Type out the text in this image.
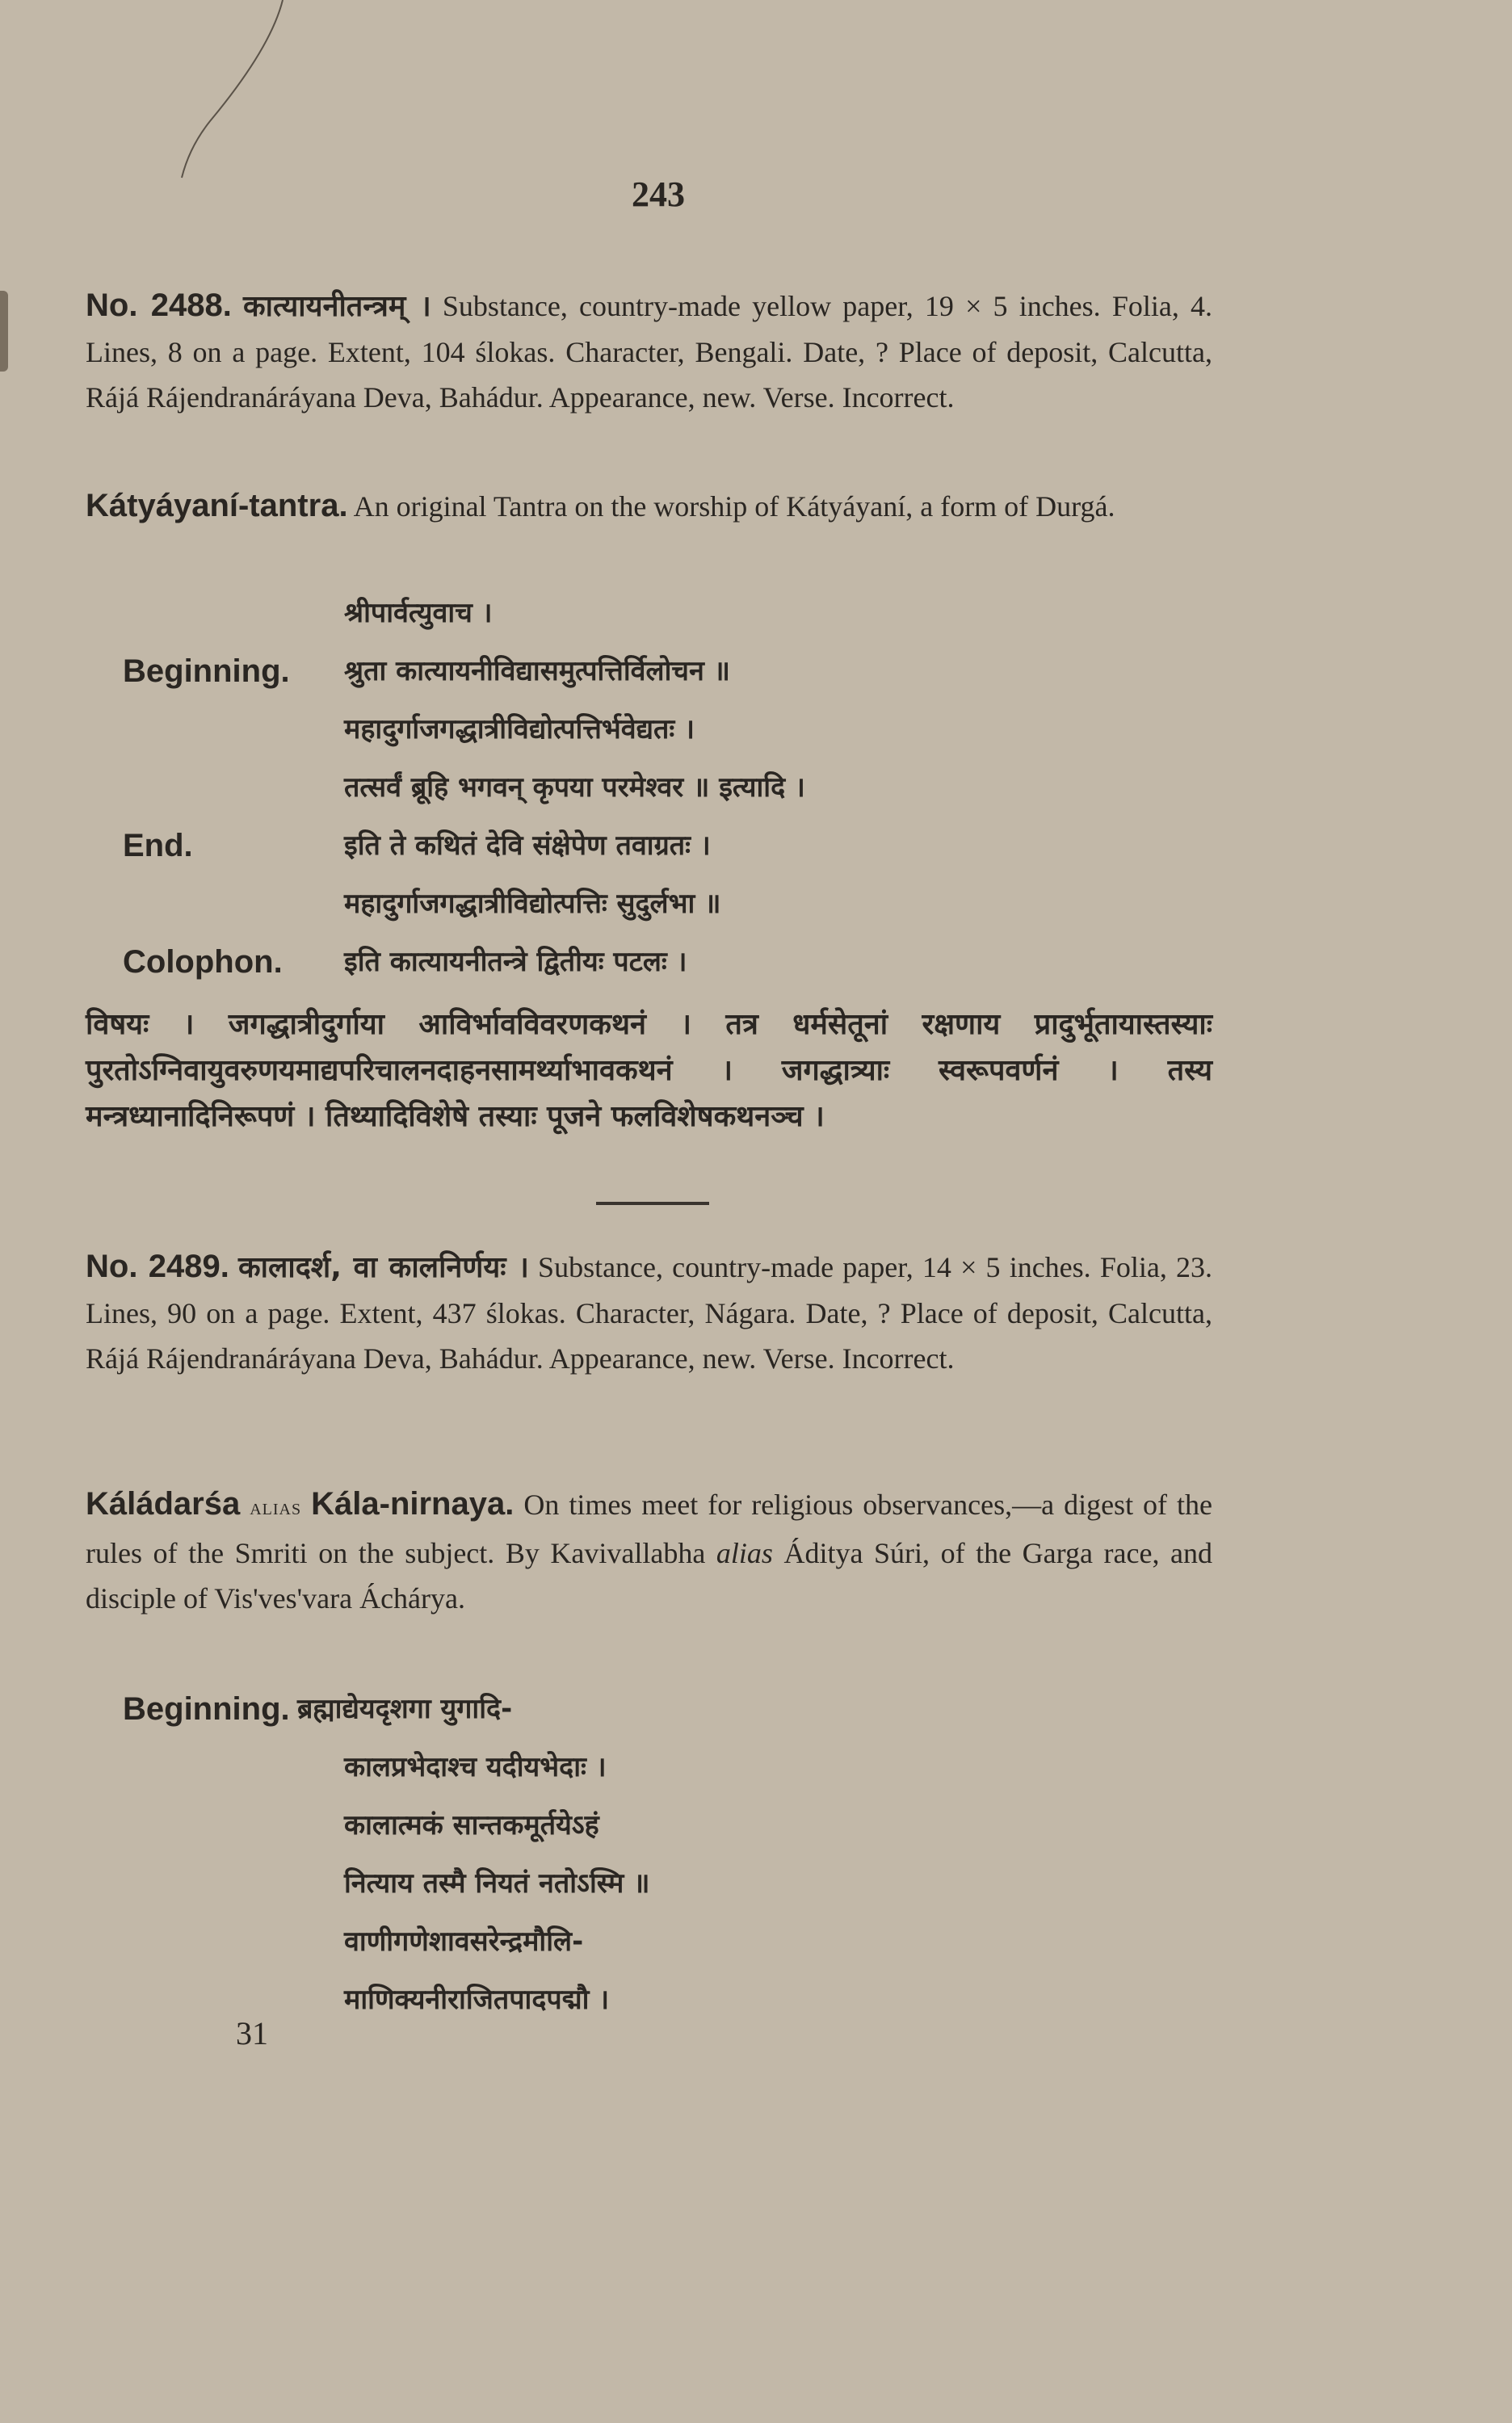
243

No. 2488. कात्यायनीतन्त्रम् । Substance, country-made yellow paper, 19 × 5 inches. Folia, 4. Lines, 8 on a page. Extent, 104 ślokas. Character, Bengali. Date, ? Place of deposit, Calcutta, Rájá Rájendranáráyana Deva, Bahádur. Appearance, new. Verse. Incorrect.

Kátyáyaní-tantra. An original Tantra on the worship of Kátyáyaní, a form of Durgá.

श्रीपार्वत्युवाच ।
Beginning. श्रुता कात्यायनीविद्यासमुत्पत्तिर्विलोचन ॥
महादुर्गाजगद्धात्रीविद्योत्पत्तिर्भवेद्यतः ।
तत्सर्वं ब्रूहि भगवन् कृपया परमेश्वर ॥ इत्यादि ।
End.	इति ते कथितं देवि संक्षेपेण तवाग्रतः ।
महादुर्गाजगद्धात्रीविद्योत्पत्तिः सुदुर्लभा ॥
Colophon. इति कात्यायनीतन्त्रे द्वितीयः पटलः ।

विषयः । जगद्धात्रीदुर्गाया आविर्भावविवरणकथनं । तत्र धर्मसेतूनां रक्षणाय प्रादुर्भूतायास्तस्याः पुरतोऽग्निवायुवरुणयमाद्यपरिचालनदाहनसामर्थ्याभावकथनं । जगद्धात्र्याः स्वरूपवर्णनं । तस्य मन्त्रध्यानादिनिरूपणं । तिथ्यादिविशेषे तस्याः पूजने फलविशेषकथनञ्च ।

No. 2489. कालादर्श, वा कालनिर्णयः । Substance, country-made paper, 14 × 5 inches. Folia, 23. Lines, 90 on a page. Extent, 437 ślokas. Character, Nágara. Date, ? Place of deposit, Calcutta, Rájá Rájendranáráyana Deva, Bahádur. Appearance, new. Verse. Incorrect.

Káládarśa alias Kála-nirnaya. On times meet for religious observances,—a digest of the rules of the Smriti on the subject. By Kavivallabha alias Áditya Súri, of the Garga race, and disciple of Vis'ves'vara Áchárya.

Beginning. ब्रह्माद्येयदृशगा युगादि-
कालप्रभेदाश्च यदीयभेदाः ।
कालात्मकं सान्तकमूर्तयेऽहं
नित्याय तस्मै नियतं नतोऽस्मि ॥
वाणीगणेशावसरेन्द्रमौलि-
माणिक्यनीराजितपादपद्मौ ।
31
